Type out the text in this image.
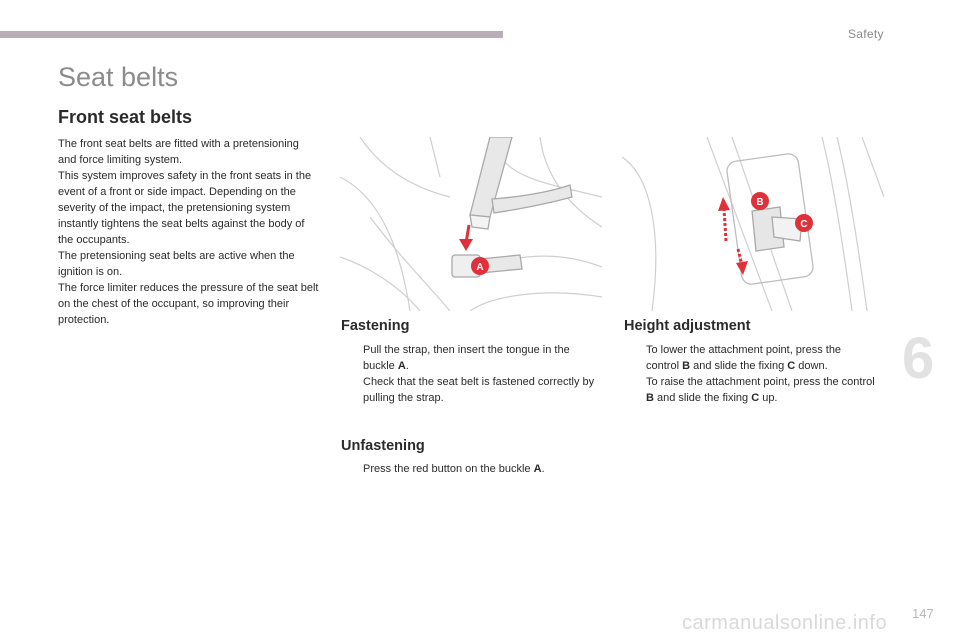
Safety
Seat belts
Front seat belts

The front seat belts are fitted with a pretensioning and force limiting system.

This system improves safety in the front seats in the event of a front or side impact. Depending on the severity of the impact, the pretensioning system instantly tightens the seat belts against the body of the occupants.

The pretensioning seat belts are active when the ignition is on.

The force limiter reduces the pressure of the seat belt on the chest of the occupant, so improving their protection.

A
B
C
Fastening
Pull the strap, then insert the tongue in the buckle A.
Check that the seat belt is fastened correctly by pulling the strap.
Unfastening
Press the red button on the buckle A.
Height adjustment
To lower the attachment point, press the control B and slide the fixing C down.
To raise the attachment point, press the control B and slide the fixing C up.
6
carmanualsonline.info 147
